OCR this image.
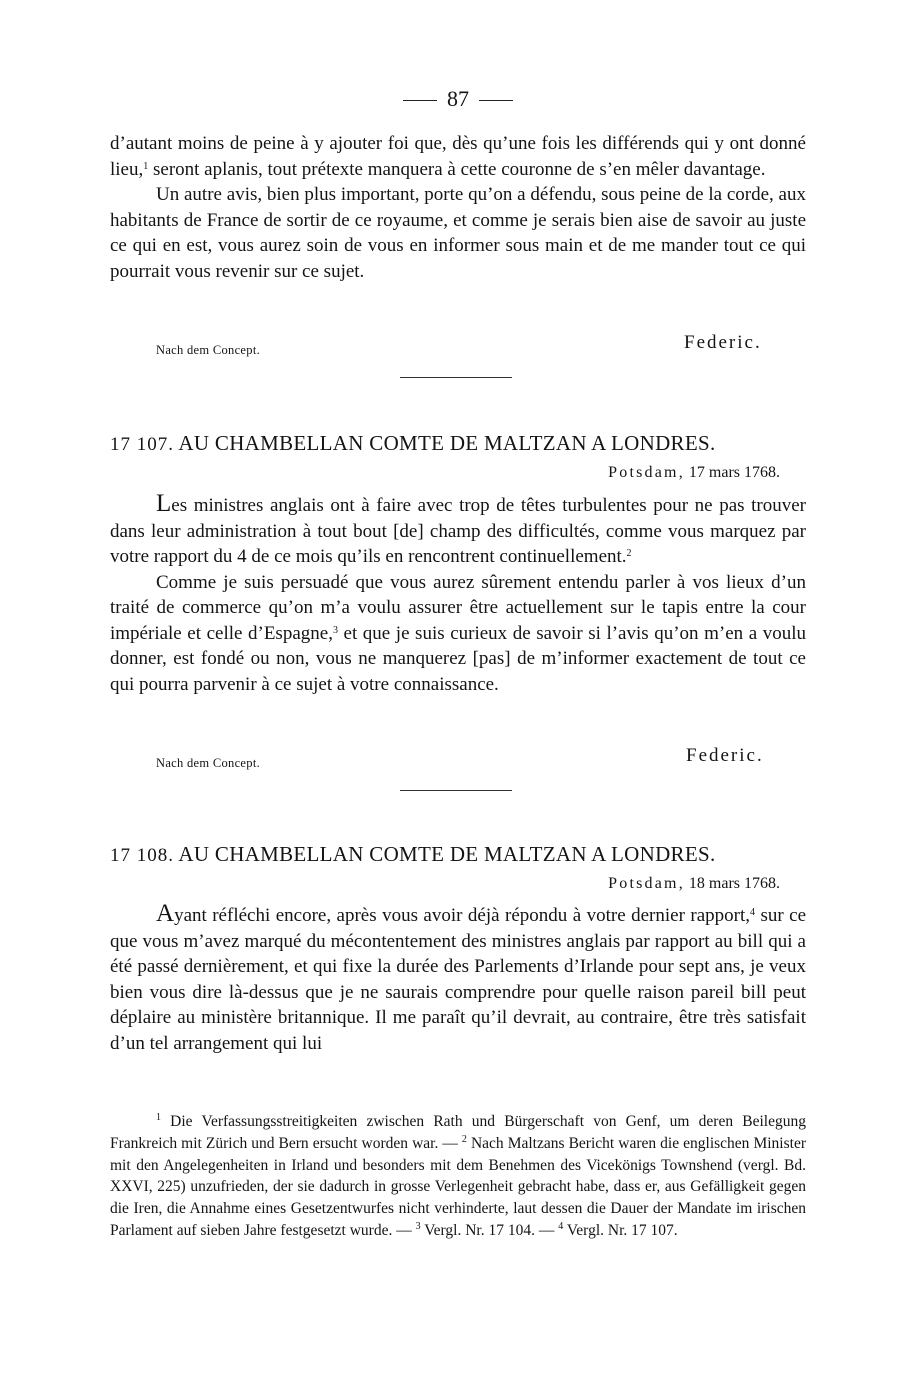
87

d’autant moins de peine à y ajouter foi que, dès qu’une fois les différends qui y ont donné lieu,$^1$ seront aplanis, tout prétexte manquera à cette couronne de s’en mêler davantage.

Un autre avis, bien plus important, porte qu’on a défendu, sous peine de la corde, aux habitants de France de sortir de ce royaume, et comme je serais bien aise de savoir au juste ce qui en est, vous aurez soin de vous en informer sous main et de me mander tout ce qui pourrait vous revenir sur ce sujet.

Nach dem Concept.	Federic.
17 107. AU CHAMBELLAN COMTE DE MALTZAN A LONDRES.
Potsdam, 17 mars 1768.

Les ministres anglais ont à faire avec trop de têtes turbulentes pour ne pas trouver dans leur administration à tout bout [de] champ des difficultés, comme vous marquez par votre rapport du 4 de ce mois qu’ils en rencontrent continuellement.$^2$

Comme je suis persuadé que vous aurez sûrement entendu parler à vos lieux d’un traité de commerce qu’on m’a voulu assurer être actuellement sur le tapis entre la cour impériale et celle d’Espagne,$^3$ et que je suis curieux de savoir si l’avis qu’on m’en a voulu donner, est fondé ou non, vous ne manquerez [pas] de m’informer exactement de tout ce qui pourra parvenir à ce sujet à votre connaissance.

Nach dem Concept.	Federic.
17 108. AU CHAMBELLAN COMTE DE MALTZAN A LONDRES.
Potsdam, 18 mars 1768.

Ayant réfléchi encore, après vous avoir déjà répondu à votre dernier rapport,$^4$ sur ce que vous m’avez marqué du mécontentement des ministres anglais par rapport au bill qui a été passé dernièrement, et qui fixe la durée des Parlements d’Irlande pour sept ans, je veux bien vous dire là-dessus que je ne saurais comprendre pour quelle raison pareil bill peut déplaire au ministère britannique. Il me paraît qu’il devrait, au contraire, être très satisfait d’un tel arrangement qui lui

$^1$ Die Verfassungsstreitigkeiten zwischen Rath und Bürgerschaft von Genf, um deren Beilegung Frankreich mit Zürich und Bern ersucht worden war. — $^2$ Nach Maltzans Bericht waren die englischen Minister mit den Angelegenheiten in Irland und besonders mit dem Benehmen des Vicekönigs Townshend (vergl. Bd. XXVI, 225) unzufrieden, der sie dadurch in grosse Verlegenheit gebracht habe, dass er, aus Gefälligkeit gegen die Iren, die Annahme eines Gesetzentwurfes nicht verhinderte, laut dessen die Dauer der Mandate im irischen Parlament auf sieben Jahre festgesetzt wurde. — $^3$ Vergl. Nr. 17 104. — $^4$ Vergl. Nr. 17 107.
